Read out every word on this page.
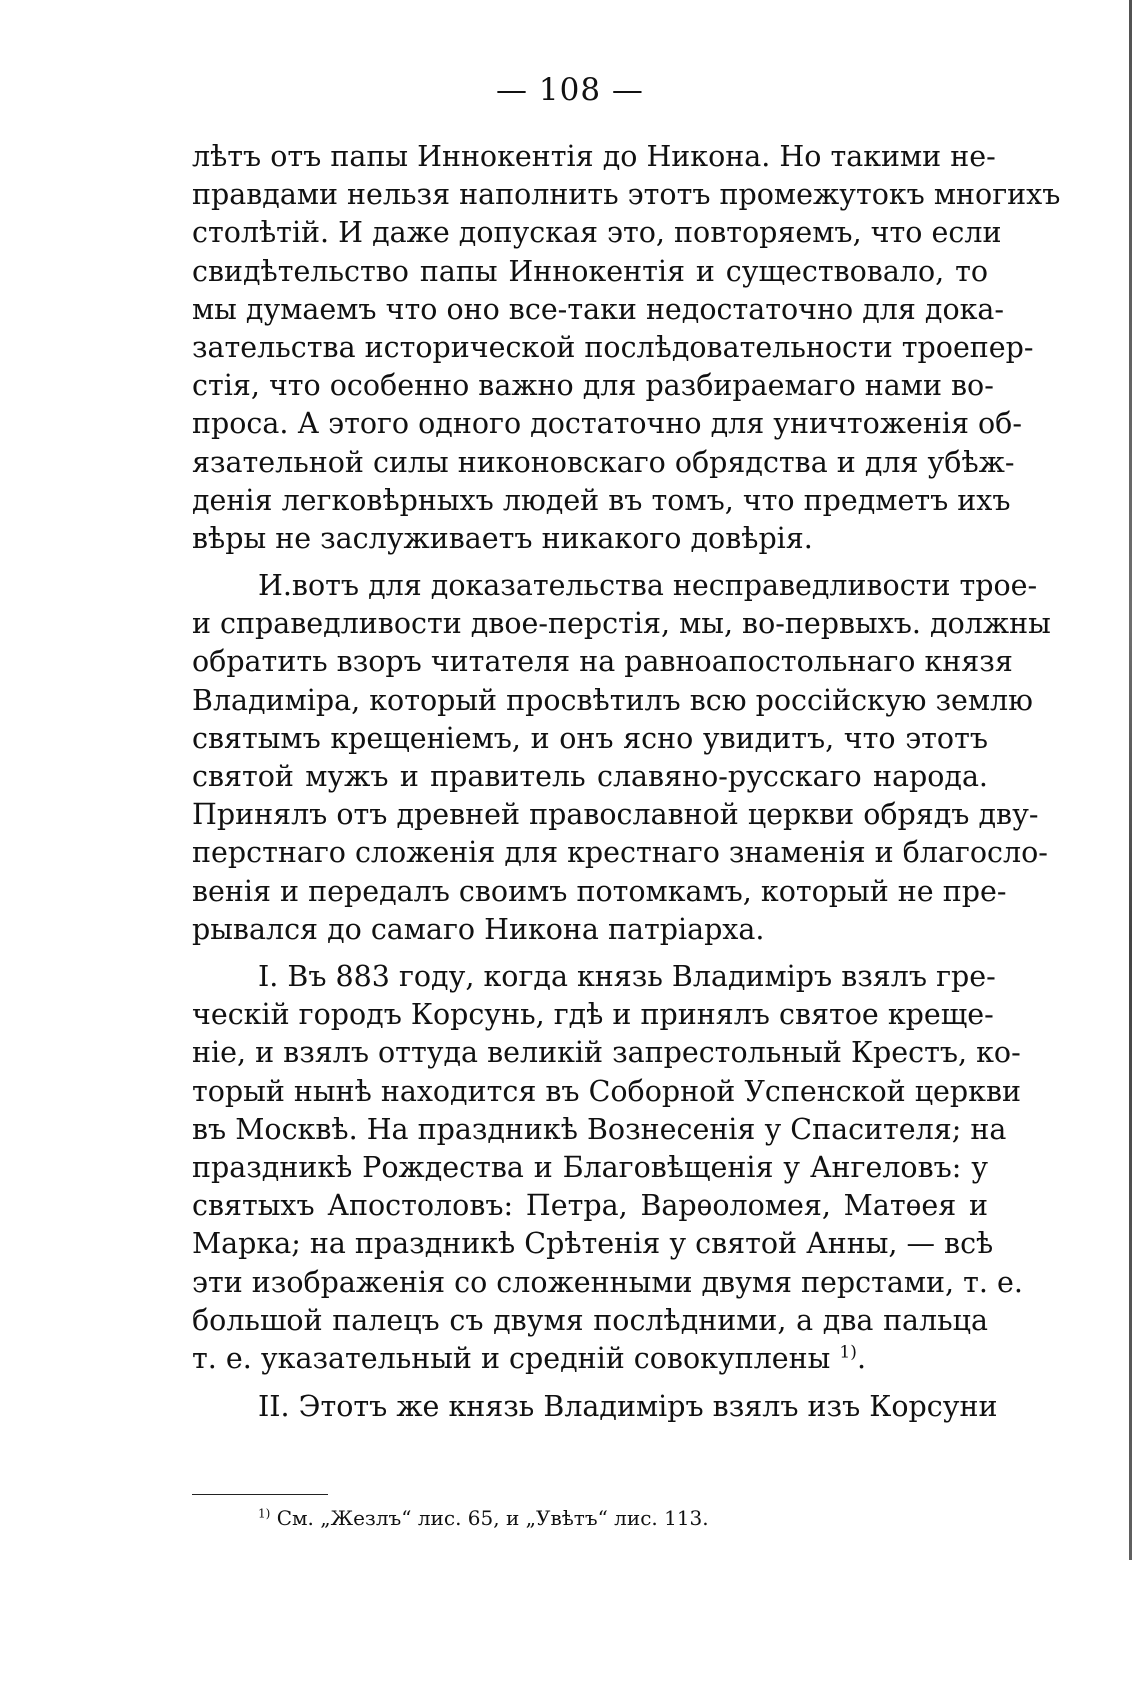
— 108 —
лѣтъ отъ папы Иннокентія до Никона. Но такими не-
правдами нельзя наполнить этотъ промежутокъ многихъ
столѣтій. И даже допуская это, повторяемъ, что если
свидѣтельство папы Иннокентія и существовало, то
мы думаемъ что оно все-таки недостаточно для дока-
зательства исторической послѣдовательности троепер-
стія, что особенно важно для разбираемаго нами во-
проса. А этого одного достаточно для уничтоженія об-
язательной силы никоновскаго обрядства и для убѣж-
денія легковѣрныхъ людей въ томъ, что предметъ ихъ
вѣры не заслуживаетъ никакого довѣрія.
И.вотъ для доказательства несправедливости трое-
и справедливости двое-перстія, мы, во-первыхъ. должны
обратить взоръ читателя на равноапостольнаго князя
Владиміра, который просвѣтилъ всю россійскую землю
святымъ крещеніемъ, и онъ ясно увидитъ, что этотъ
святой мужъ и правитель славяно-русскаго народа.
Принялъ отъ древней православной церкви обрядъ дву-
перстнаго сложенія для крестнаго знаменія и благосло-
венія и передалъ своимъ потомкамъ, который не пре-
рывался до самаго Никона патріарха.
I. Въ 883 году, когда князь Владиміръ взялъ гре-
ческій городъ Корсунь, гдѣ и принялъ святое креще-
ніе, и взялъ оттуда великій запрестольный Крестъ, ко-
торый нынѣ находится въ Соборной Успенской церкви
въ Москвѣ. На праздникѣ Вознесенія у Спасителя; на
праздникѣ Рождества и Благовѣщенія у Ангеловъ: у
святыхъ Апостоловъ: Петра, Варѳоломея, Матѳея и
Марка; на праздникѣ Срѣтенія у святой Анны, — всѣ
эти изображенія со сложенными двумя перстами, т. е.
большой палецъ съ двумя послѣдними, а два пальца
т. е. указательный и средній совокуплены $^{1)}$.
II. Этотъ же князь Владиміръ взялъ изъ Корсуни
$^{1)}$ См. „Жезлъ“ лис. 65, и „Увѣтъ“ лис. 113.
